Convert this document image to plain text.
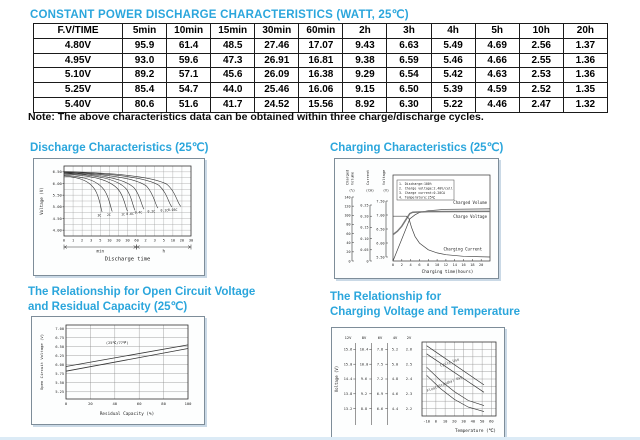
CONSTANT POWER DISCHARGE CHARACTERISTICS (WATT, 25℃)
F.V/TIME	5min	10min	15min	30min	60min	2h	3h	4h	5h	10h	20h
4.80V	95.9	61.4	48.5	27.46	17.07	9.43	6.63	5.49	4.69	2.56	1.37
4.95V	93.0	59.6	47.3	26.91	16.81	9.38	6.59	5.46	4.66	2.55	1.36
5.10V	89.2	57.1	45.6	26.09	16.38	9.29	6.54	5.42	4.63	2.53	1.36
5.25V	85.4	54.7	44.0	25.46	16.06	9.15	6.50	5.39	4.59	2.52	1.35
5.40V	80.6	51.6	41.7	24.52	15.56	8.92	6.30	5.22	4.46	2.47	1.32
Note: The above characteristics data can be obtained within three charge/discharge cycles.
Discharge Characteristics (25℃)
6.50
6.00
5.50
5.00
4.50
4.00
Voltage (V)
0 1 2 3 5 10 20 30 60 2 3 5 10 20 30
min	h
Discharge time
3C 2C	1C 0.6C 0.4C 0.2C 0.1C 0.05C
Charging Characteristics (25℃)
Charged Volume
(%)
0
20
40
60
80
100
120
140
Current
(CA)
0
0.05
0.10
0.15
0.20
0.25
Voltage
(V)
5.50
6.00
6.50
7.00
7.50
0 2 4 6 8 10 12 14 16 18 20
Charging time(hours)
1. Discharge:100%
2. Charge voltage:2.40V/cell
3. Charge current:0.20CA
4. Temperature:25℃
Charged Volume
Charge Voltage
Charging Current
The Relationship for Open Circuit Voltage
and Residual Capacity (25℃)
7.00
6.75
6.50
6.25
6.00
5.75
5.50
5.25
0	20	40	60	80	100
Open Circuit Voltage (V)
Residual Capacity (%)
(25℃/77℉)
The Relationship for
Charging Voltage and Temperature
-10 0 10 20 30 40 50 60
Voltage (V)
Temperature (℃)
12V
15.6
15.0
14.4
13.8
13.2
8V
10.4
10.0
9.6
9.2
8.8
6V
7.8
7.5
7.2
6.9
6.6
4V
5.2
5.0
4.8
4.6
4.4
2V
2.6
2.5
2.4
2.3
2.2
Cycle Use
Float(Standby) Use
